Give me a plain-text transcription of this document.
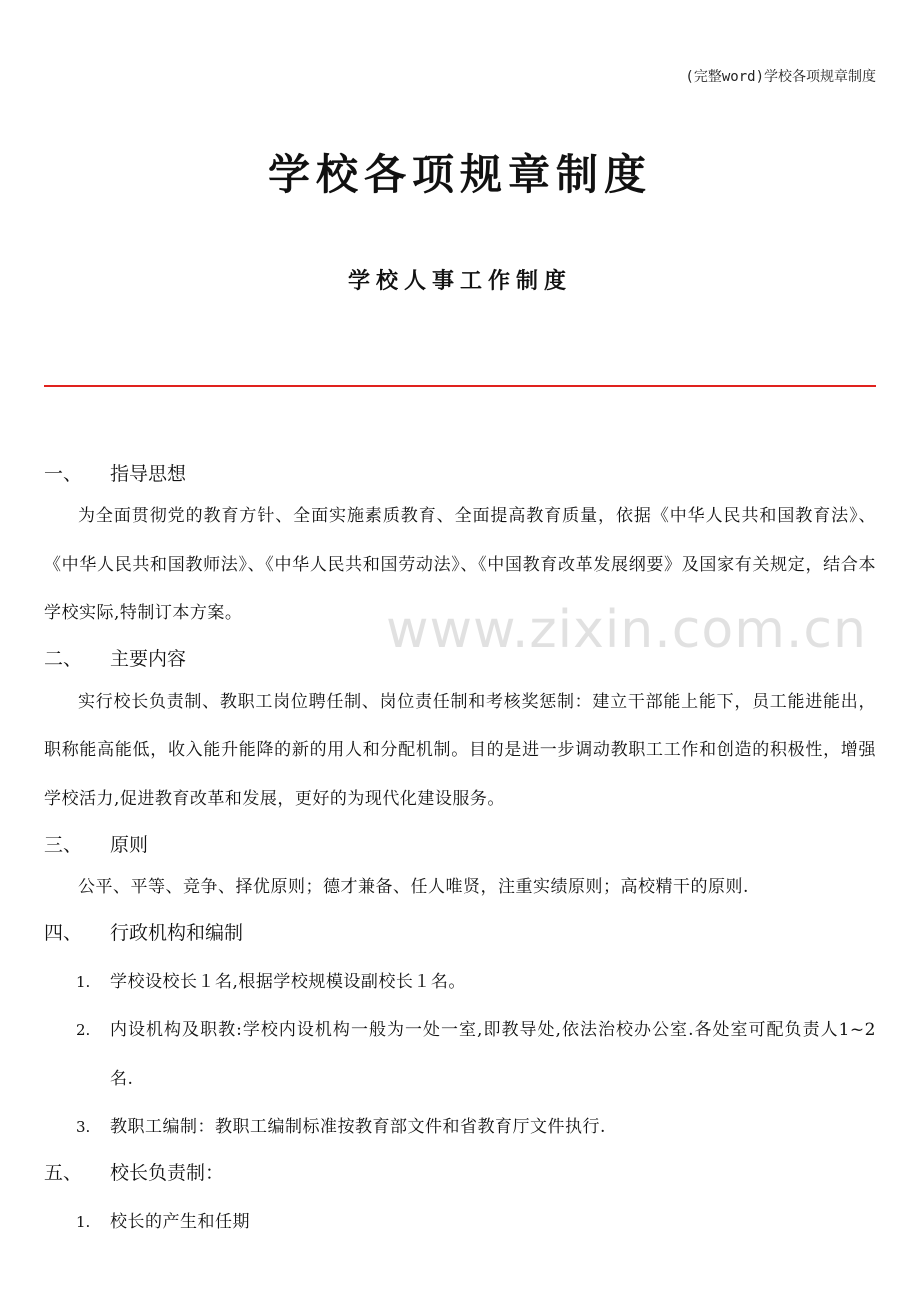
(完整word)学校各项规章制度
学校各项规章制度
学校人事工作制度
www.zixin.com.cn
一、	指导思想

为全面贯彻党的教育方针、全面实施素质教育、全面提高教育质量，依据《中华人民共和国教育法》、《中华人民共和国教师法》、《中华人民共和国劳动法》、《中国教育改革发展纲要》及国家有关规定，结合本学校实际,特制订本方案。

二、	主要内容

实行校长负责制、教职工岗位聘任制、岗位责任制和考核奖惩制：建立干部能上能下，员工能进能出，职称能高能低，收入能升能降的新的用人和分配机制。目的是进一步调动教职工工作和创造的积极性，增强学校活力,促进教育改革和发展，更好的为现代化建设服务。

三、	原则

公平、平等、竞争、择优原则；德才兼备、任人唯贤，注重实绩原则；高校精干的原则.

四、	行政机构和编制
1.	学校设校长１名,根据学校规模设副校长１名。
2.	内设机构及职教:学校内设机构一般为一处一室,即教导处,依法治校办公室.各处室可配负责人1~2名.
3.	教职工编制：教职工编制标准按教育部文件和省教育厅文件执行.
五、	校长负责制：
1.	校长的产生和任期
